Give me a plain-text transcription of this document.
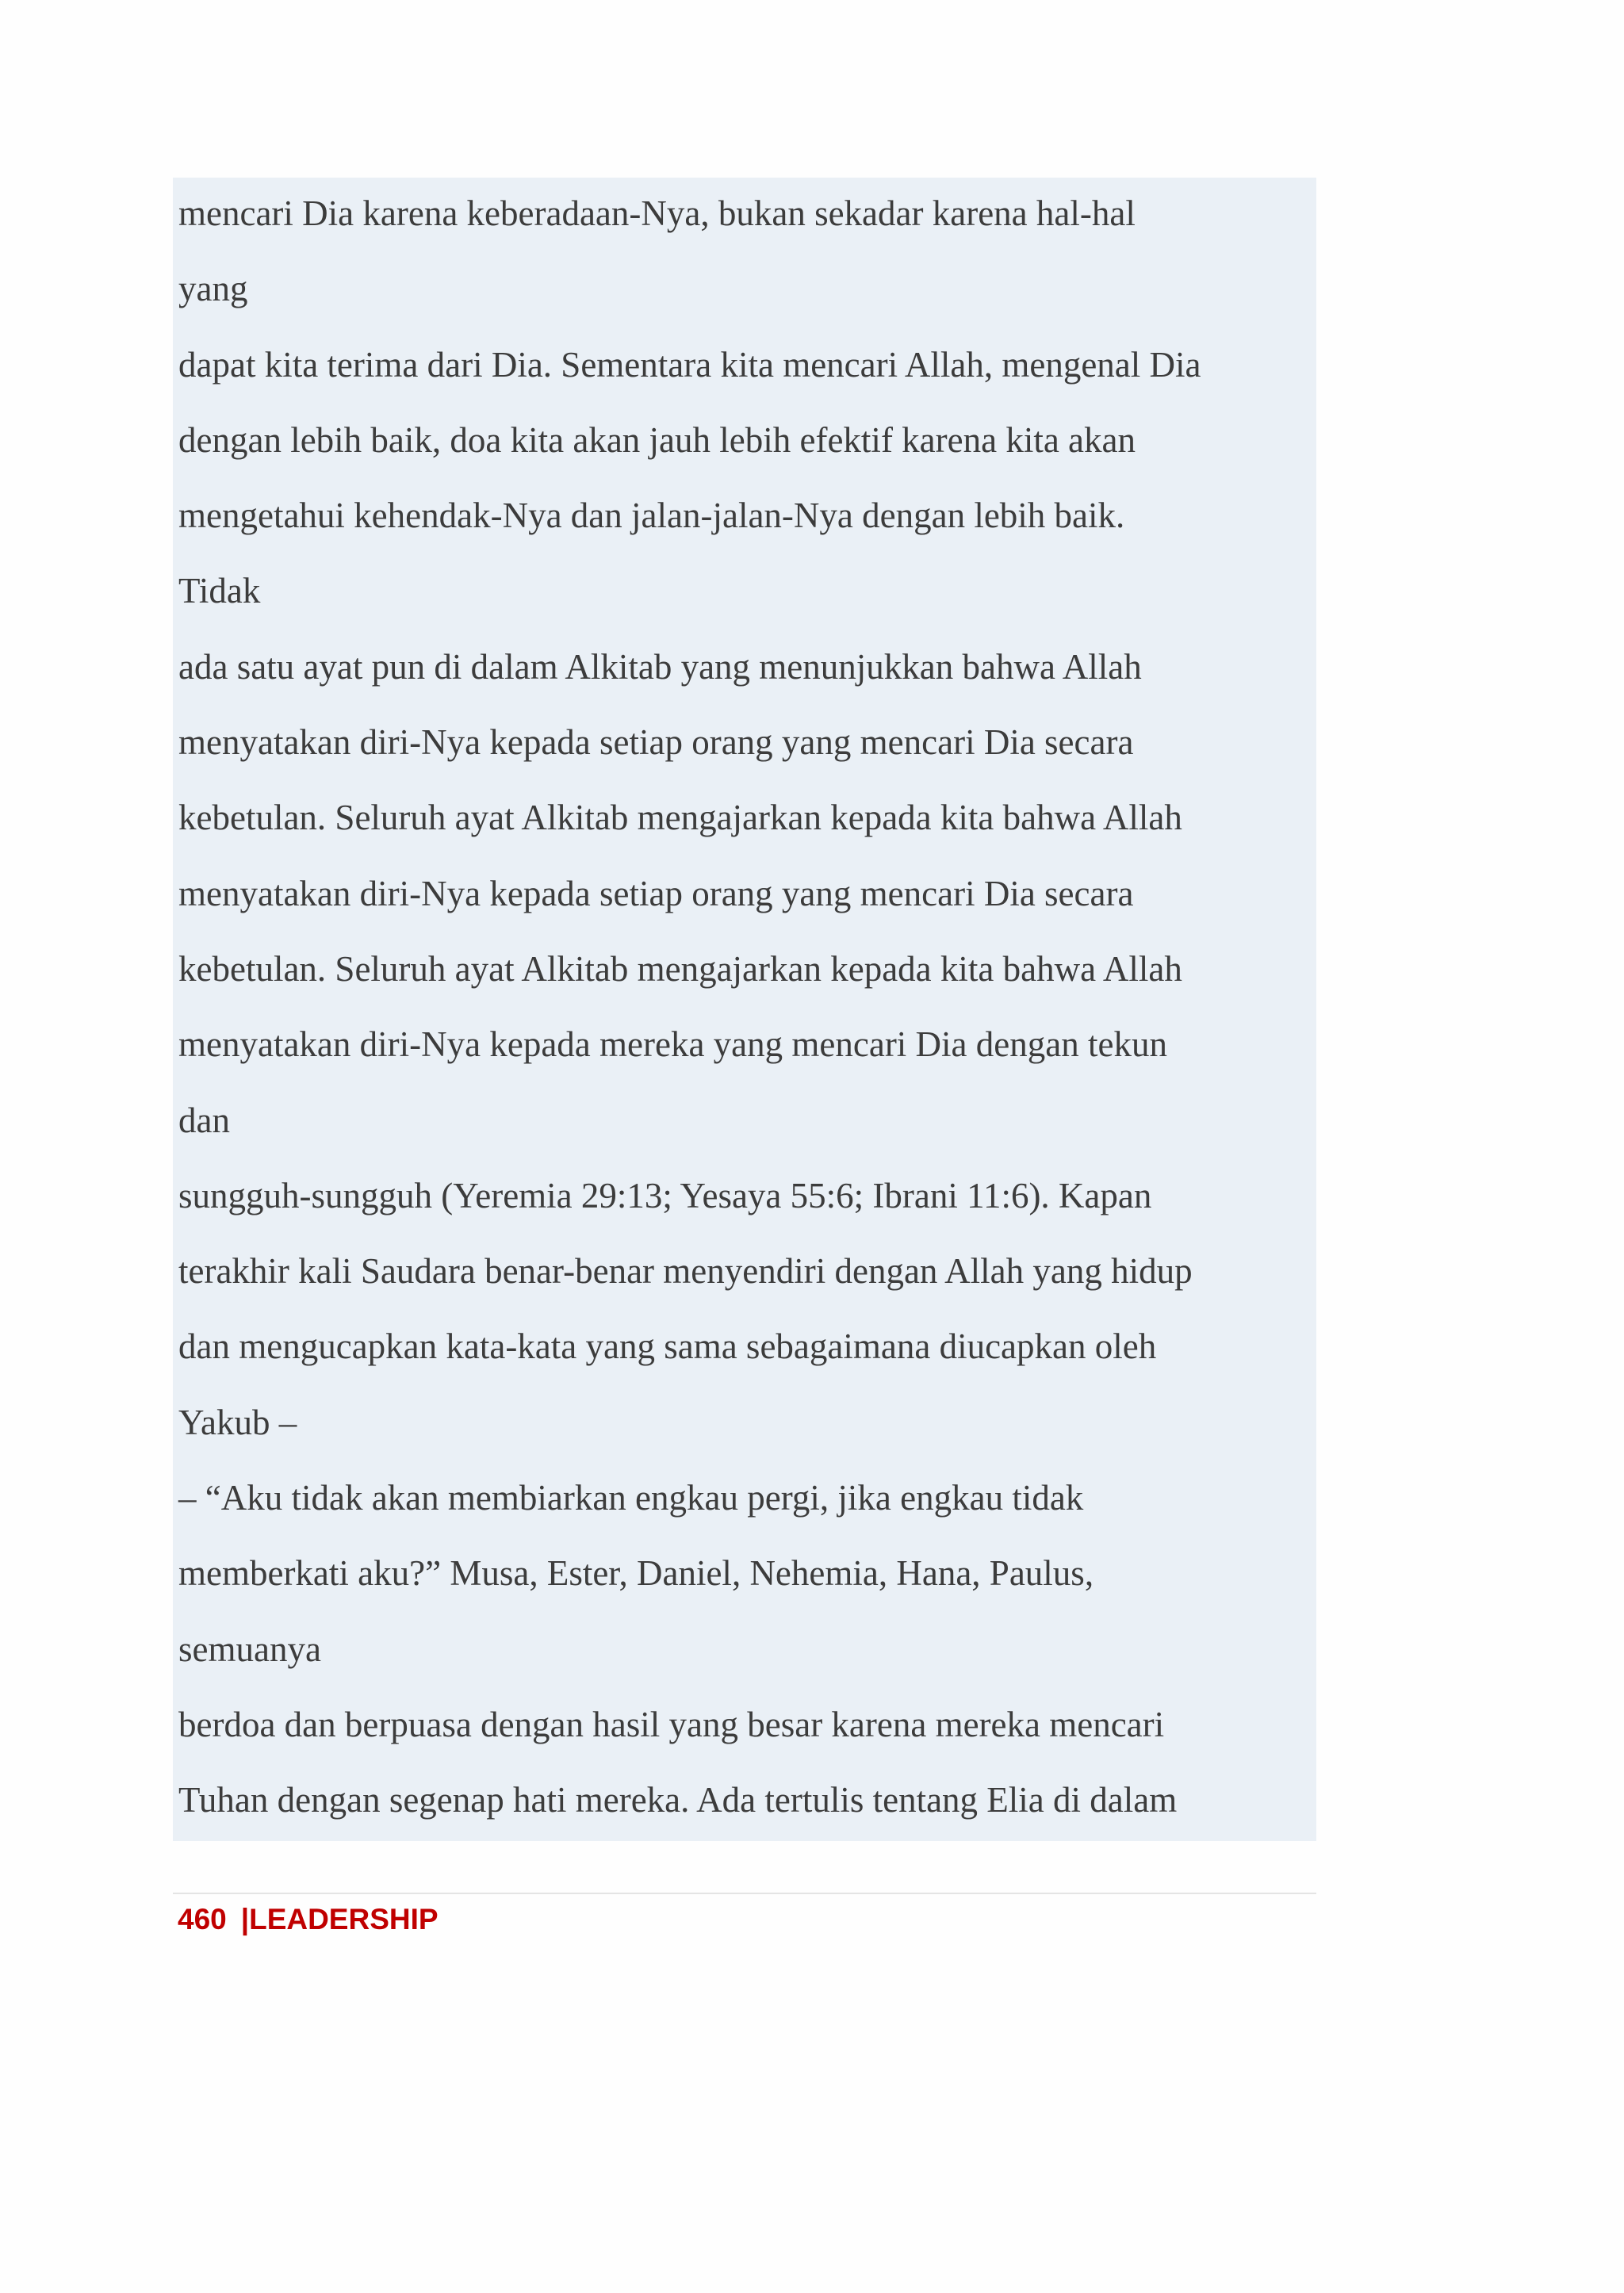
mencari Dia karena keberadaan-Nya, bukan sekadar karena hal-hal
yang
dapat kita terima dari Dia. Sementara kita mencari Allah, mengenal Dia
dengan lebih baik, doa kita akan jauh lebih efektif karena kita akan
mengetahui kehendak-Nya dan jalan-jalan-Nya dengan lebih baik.
Tidak
ada satu ayat pun di dalam Alkitab yang menunjukkan bahwa Allah
menyatakan diri-Nya kepada setiap orang yang mencari Dia secara
kebetulan. Seluruh ayat Alkitab mengajarkan kepada kita bahwa Allah
menyatakan diri-Nya kepada setiap orang yang mencari Dia secara
kebetulan. Seluruh ayat Alkitab mengajarkan kepada kita bahwa Allah
menyatakan diri-Nya kepada mereka yang mencari Dia dengan tekun
dan
sungguh-sungguh (Yeremia 29:13; Yesaya 55:6; Ibrani 11:6). Kapan
terakhir kali Saudara benar-benar menyendiri dengan Allah yang hidup
dan mengucapkan kata-kata yang sama sebagaimana diucapkan oleh
Yakub –
– “Aku tidak akan membiarkan engkau pergi, jika engkau tidak
memberkati aku?” Musa, Ester, Daniel, Nehemia, Hana, Paulus,
semuanya
berdoa dan berpuasa dengan hasil yang besar karena mereka mencari
Tuhan dengan segenap hati mereka. Ada tertulis tentang Elia di dalam
460 |LEADERSHIP
